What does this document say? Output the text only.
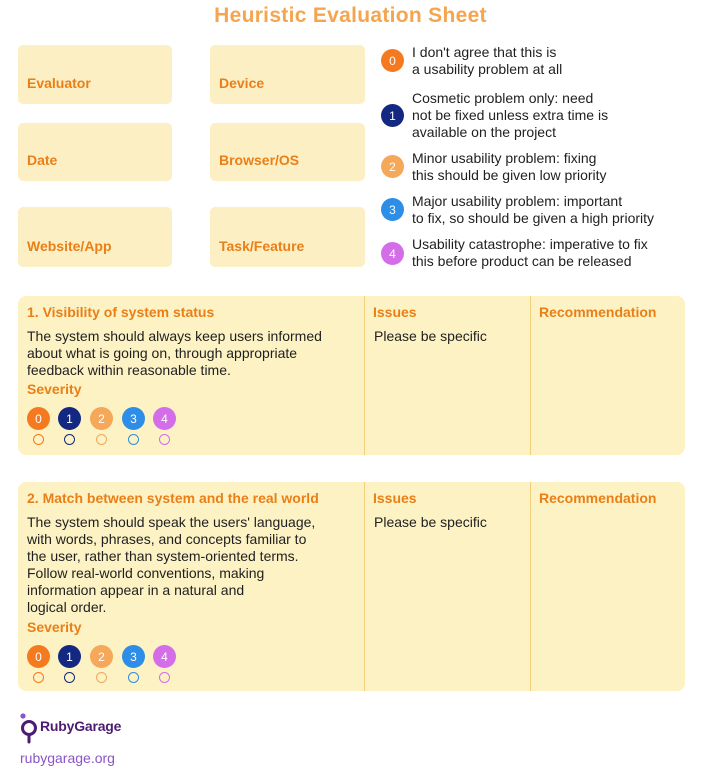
Heuristic Evaluation Sheet
Evaluator	Device
Date	Browser/OS
Website/App	Task/Feature
0
I don't agree that this is
a usability problem at all
1
Cosmetic problem only: need
not be fixed unless extra time is
available on the project
2
Minor usability problem: fixing
this should be given low priority
3
Major usability problem: important
to fix, so should be given a high priority
4
Usability catastrophe: imperative to fix
this before product can be released
1. Visibility of system status
The system should always keep users informed
about what is going on, through appropriate
feedback within reasonable time.
Severity
0	1	2	3	4
Issues
Please be specific
Recommendation
2. Match between system and the real world
The system should speak the users' language,
with words, phrases, and concepts familiar to
the user, rather than system-oriented terms.
Follow real-world conventions, making
information appear in a natural and
logical order.
Severity
0	1	2	3	4
Issues
Please be specific
Recommendation
RubyGarage
rubygarage.org
